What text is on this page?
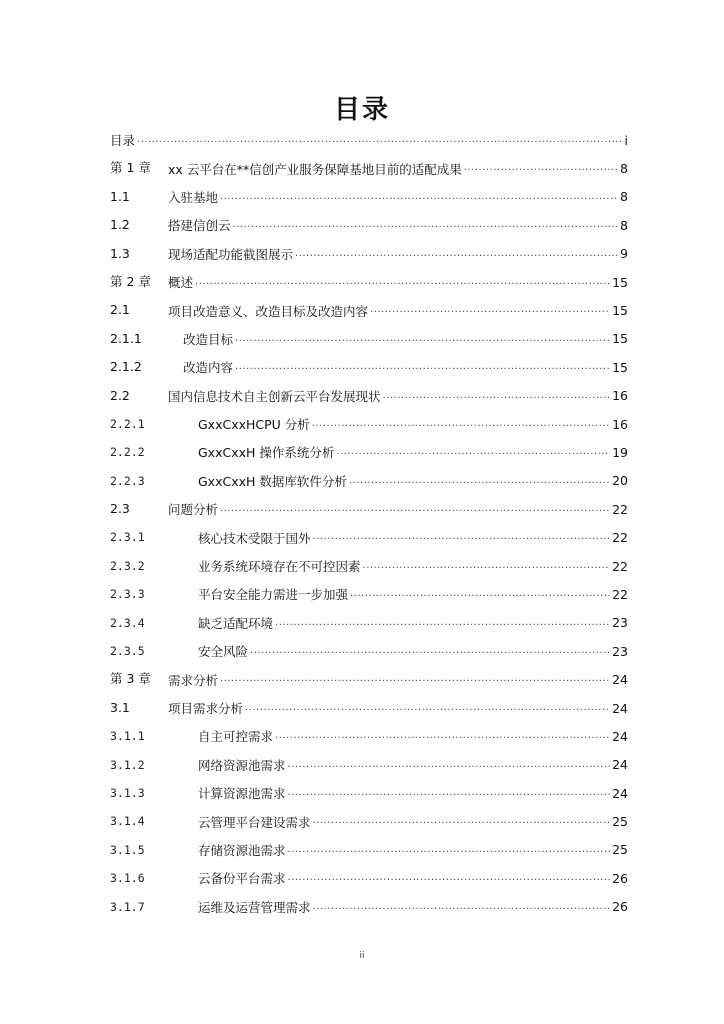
目录
目录 .....	i
第 1 章 xx 云平台在**信创产业服务保障基地目前的适配成果 .....	8
1.1	入驻基地 .....	8
1.2	搭建信创云 .....	8
1.3	现场适配功能截图展示 .....	9
第 2 章 概述 .....	15
2.1	项目改造意义、改造目标及改造内容 .....	15
2.1.1	改造目标 .....	15
2.1.2	改造内容 .....	15
2.2	国内信息技术自主创新云平台发展现状 .....	16
2.2.1	GxxCxxHCPU 分析 .....	16
2.2.2	GxxCxxH 操作系统分析 .....	19
2.2.3	GxxCxxH 数据库软件分析 .....	20
2.3	问题分析 .....	22
2.3.1	核心技术受限于国外 .....	22
2.3.2	业务系统环境存在不可控因素 .....	22
2.3.3	平台安全能力需进一步加强 .....	22
2.3.4	缺乏适配环境 .....	23
2.3.5	安全风险 .....	23
第 3 章 需求分析 .....	24
3.1	项目需求分析 .....	24
3.1.1	自主可控需求 .....	24
3.1.2	网络资源池需求 .....	24
3.1.3	计算资源池需求 .....	24
3.1.4	云管理平台建设需求 .....	25
3.1.5	存储资源池需求 .....	25
3.1.6	云备份平台需求 .....	26
3.1.7	运维及运营管理需求 .....	26
ii
